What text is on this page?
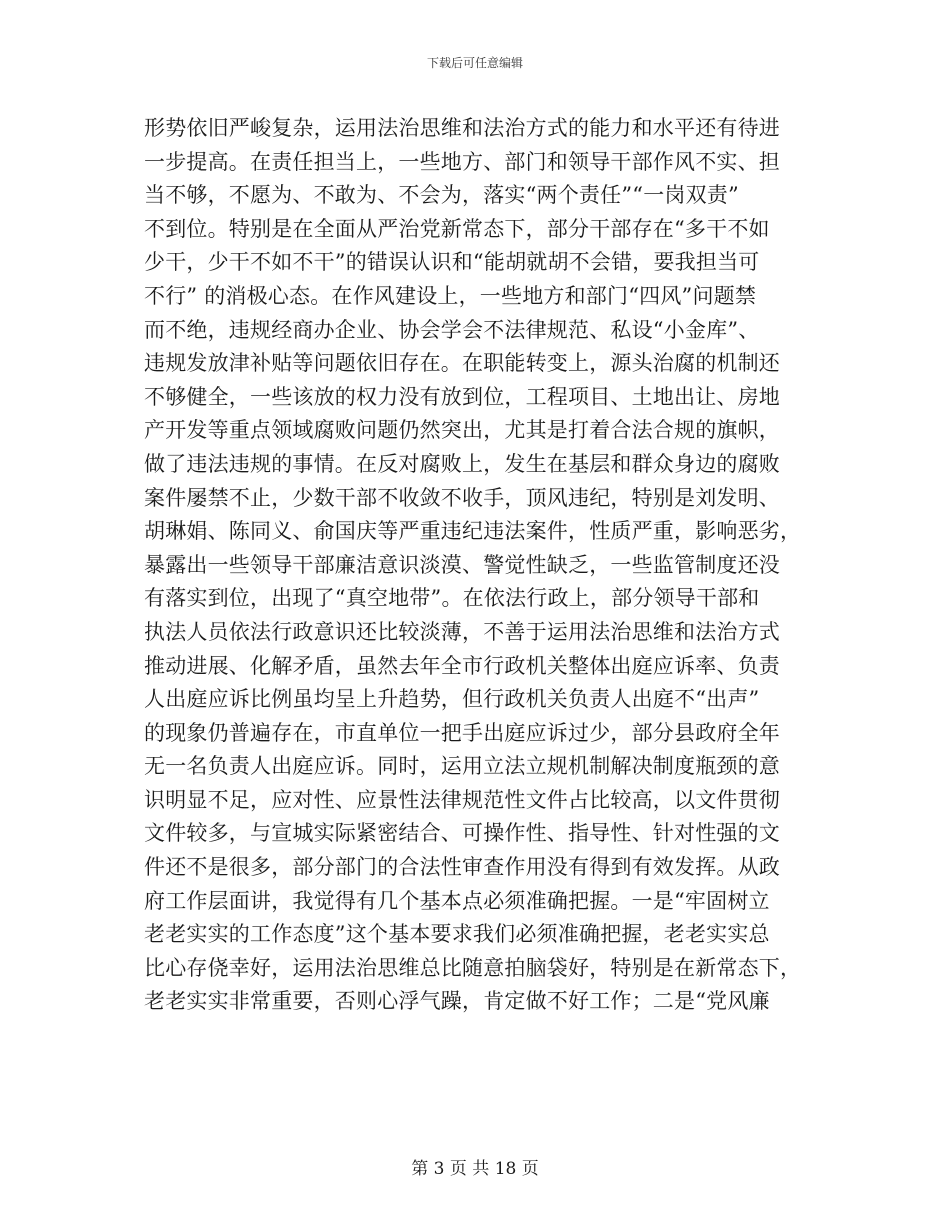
下载后可任意编辑
形势依旧严峻复杂，运用法治思维和法治方式的能力和水平还有待进
一步提高。在责任担当上，一些地方、部门和领导干部作风不实、担
当不够，不愿为、不敢为、不会为，落实“两个责任”“一岗双责”
不到位。特别是在全面从严治党新常态下，部分干部存在“多干不如
少干，少干不如不干”的错误认识和“能胡就胡不会错，要我担当可
不行” 的消极心态。在作风建设上，一些地方和部门“四风”问题禁
而不绝，违规经商办企业、协会学会不法律规范、私设“小金库”、
违规发放津补贴等问题依旧存在。在职能转变上，源头治腐的机制还
不够健全，一些该放的权力没有放到位，工程项目、土地出让、房地
产开发等重点领域腐败问题仍然突出，尤其是打着合法合规的旗帜，
做了违法违规的事情。在反对腐败上，发生在基层和群众身边的腐败
案件屡禁不止，少数干部不收敛不收手，顶风违纪，特别是刘发明、
胡琳娟、陈同义、俞国庆等严重违纪违法案件，性质严重，影响恶劣，
暴露出一些领导干部廉洁意识淡漠、警觉性缺乏，一些监管制度还没
有落实到位，出现了“真空地带”。在依法行政上，部分领导干部和
执法人员依法行政意识还比较淡薄，不善于运用法治思维和法治方式
推动进展、化解矛盾，虽然去年全市行政机关整体出庭应诉率、负责
人出庭应诉比例虽均呈上升趋势，但行政机关负责人出庭不“出声”
的现象仍普遍存在，市直单位一把手出庭应诉过少，部分县政府全年
无一名负责人出庭应诉。同时，运用立法立规机制解决制度瓶颈的意
识明显不足，应对性、应景性法律规范性文件占比较高，以文件贯彻
文件较多，与宣城实际紧密结合、可操作性、指导性、针对性强的文
件还不是很多，部分部门的合法性审查作用没有得到有效发挥。从政
府工作层面讲，我觉得有几个基本点必须准确把握。一是“牢固树立
老老实实的工作态度”这个基本要求我们必须准确把握，老老实实总
比心存侥幸好，运用法治思维总比随意拍脑袋好，特别是在新常态下，
老老实实非常重要，否则心浮气躁，肯定做不好工作；二是“党风廉
第 3 页 共 18 页
